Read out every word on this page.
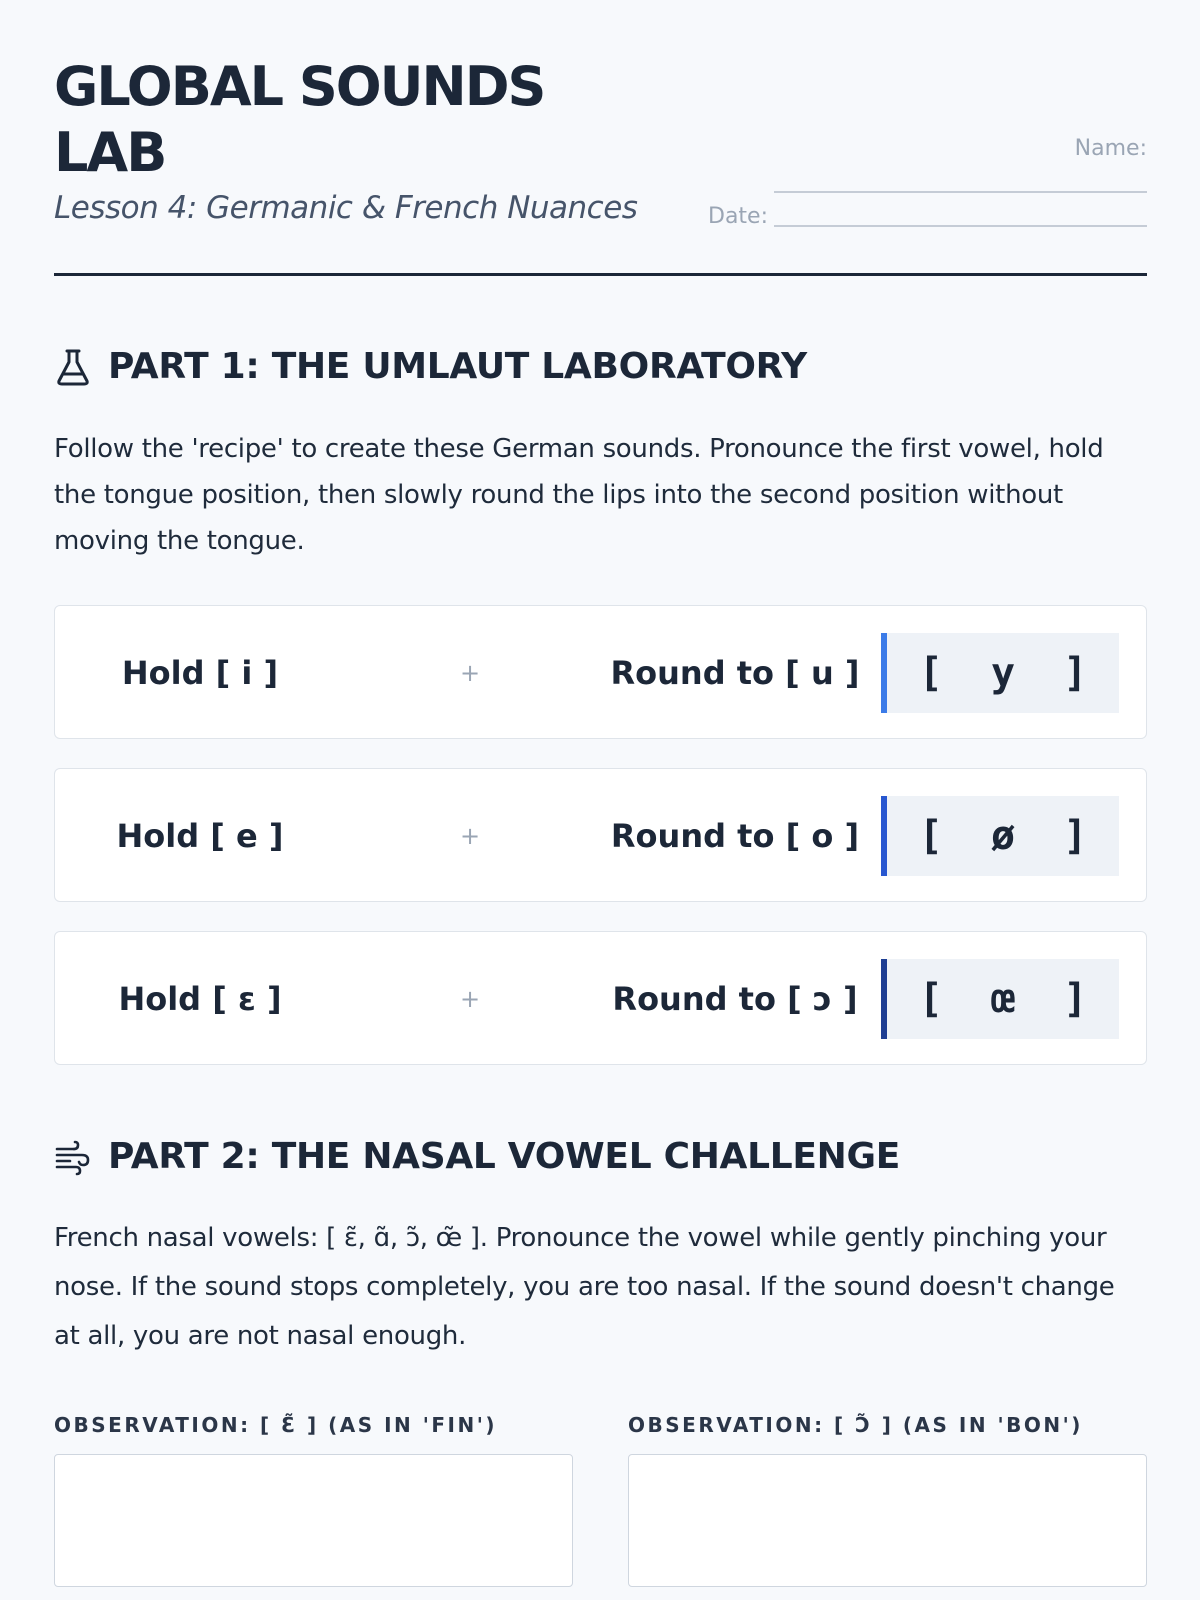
GLOBAL SOUNDS LAB
Lesson 4: Germanic & French Nuances
Name:
Date:
PART 1: THE UMLAUT LABORATORY
Follow the 'recipe' to create these German sounds. Pronounce the first vowel, hold the tongue position, then slowly round the lips into the second position without moving the tongue.
Hold [ i ]	+	Round to [ u ]	[  y  ]
Hold [ e ]	+	Round to [ o ]	[  ø  ]
Hold [ ɛ ]	+	Round to [ ɔ ]	[  œ  ]
PART 2: THE NASAL VOWEL CHALLENGE
French nasal vowels: [ ɛ̃, ɑ̃, ɔ̃, œ̃ ]. Pronounce the vowel while gently pinching your nose. If the sound stops completely, you are too nasal. If the sound doesn't change at all, you are not nasal enough.
OBSERVATION: [ Ɛ̃ ] (AS IN 'FIN')	OBSERVATION: [ Ɔ̃ ] (AS IN 'BON')
